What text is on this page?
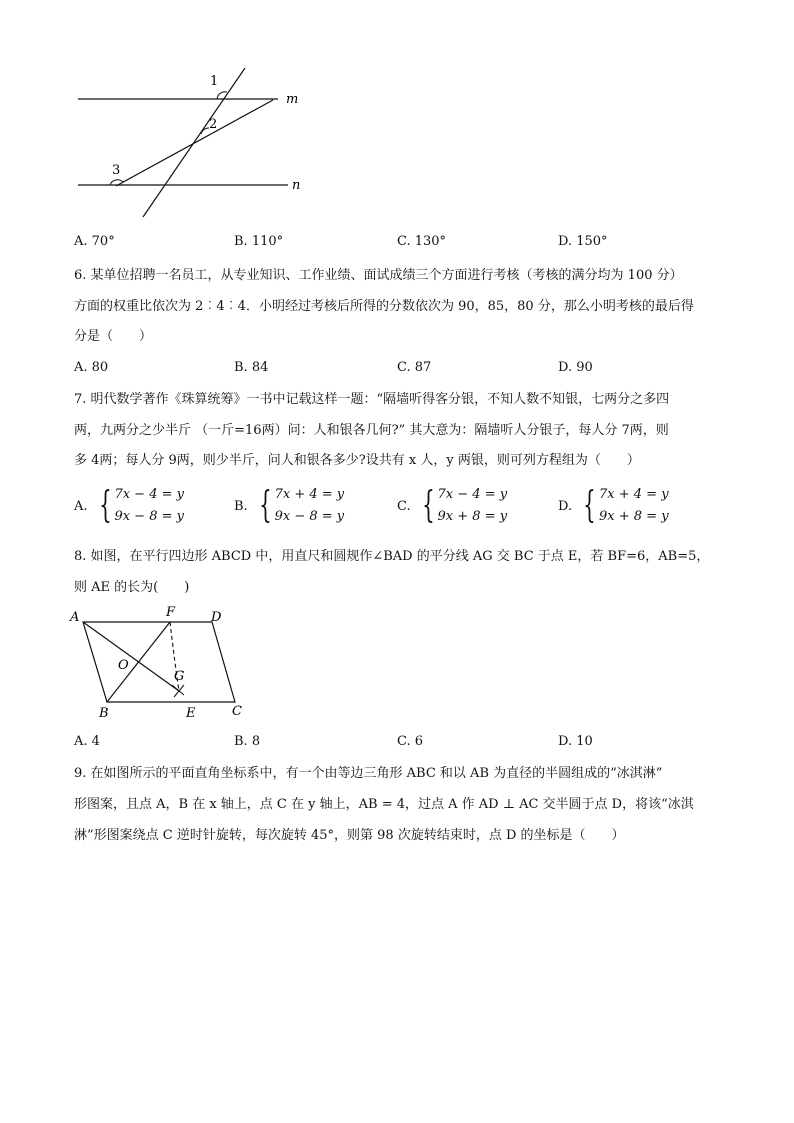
1
2
3
m
n
A. 70°	B. 110°	C. 130°	D. 150°
6. 某单位招聘一名员工，从专业知识、工作业绩、面试成绩三个方面进行考核（考核的满分均为 100 分）
方面的权重比依次为 2︰4︰4．小明经过考核后所得的分数依次为 90，85，80 分，那么小明考核的最后得
分是（　　）
A. 80	B. 84	C. 87	D. 90
7. 明代数学著作《珠算统筹》一书中记载这样一题：“隔墙听得客分银，不知人数不知银，七两分之多四
两，九两分之少半斤 （一斤=16两）问：人和银各几何?” 其大意为：隔墙听人分银子，每人分 7两，则
多 4两；每人分 9两，则少半斤，问人和银各多少?设共有 x 人，y 两银，则可列方程组为（　　）
A. { 7x − 4 = y
9x − 8 = y
B. { 7x + 4 = y
9x − 8 = y
C. { 7x − 4 = y
9x + 8 = y
D. { 7x + 4 = y
9x + 8 = y
8. 如图，在平行四边形 ABCD 中，用直尺和圆规作∠BAD 的平分线 AG 交 BC 于点 E，若 BF=6，AB=5，
则 AE 的长为(　　)
A	F	D
O
G
B	E	C
A. 4	B. 8	C. 6	D. 10
9. 在如图所示的平面直角坐标系中，有一个由等边三角形 ABC 和以 AB 为直径的半圆组成的“冰淇淋”
形图案，且点 A，B 在 x 轴上，点 C 在 y 轴上，AB = 4，过点 A 作 AD ⊥ AC 交半圆于点 D，将该“冰淇
淋”形图案绕点 C 逆时针旋转，每次旋转 45°，则第 98 次旋转结束时，点 D 的坐标是（　　）
